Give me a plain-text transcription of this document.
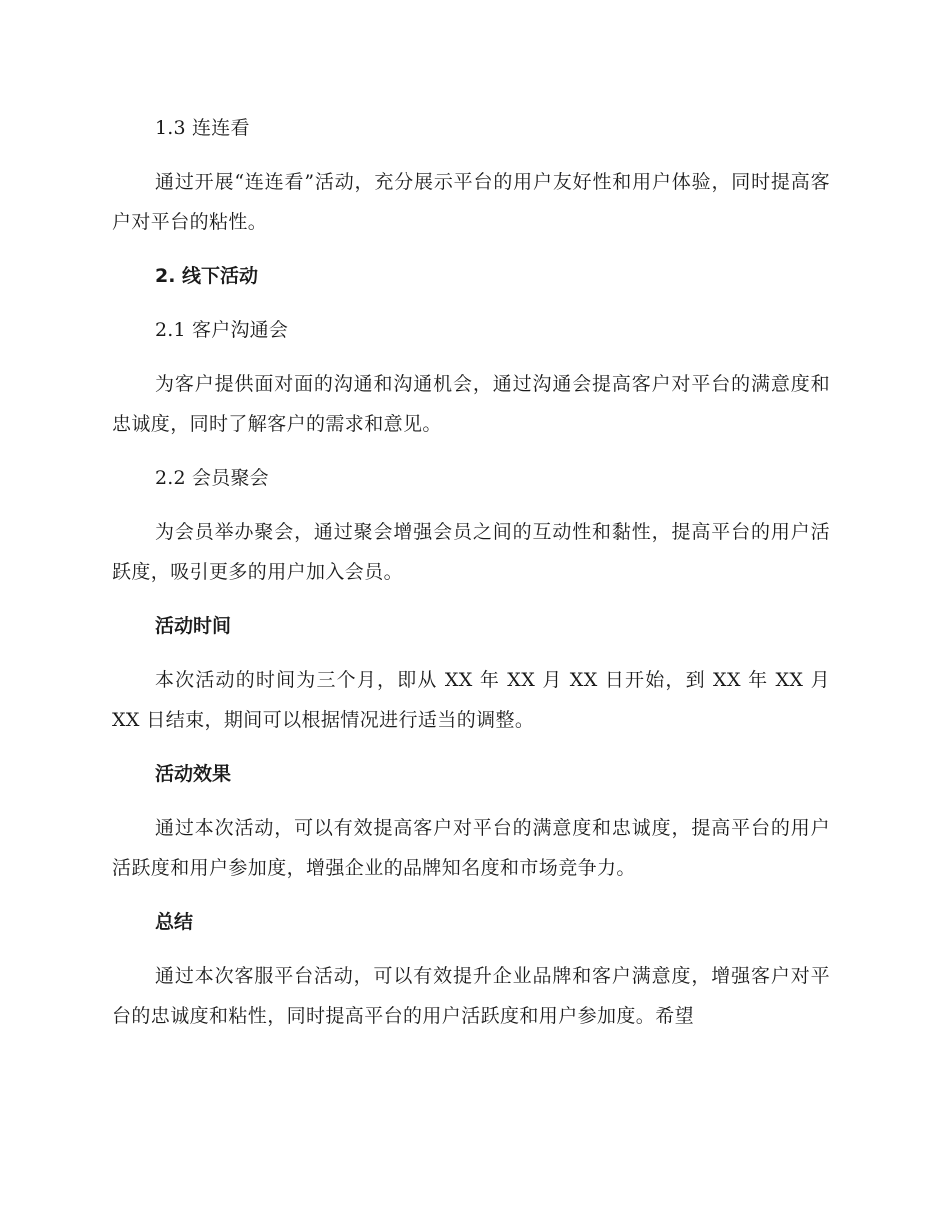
1.3 连连看

通过开展“连连看”活动，充分展示平台的用户友好性和用户体验，同时提高客户对平台的粘性。

2. 线下活动

2.1 客户沟通会

为客户提供面对面的沟通和沟通机会，通过沟通会提高客户对平台的满意度和忠诚度，同时了解客户的需求和意见。

2.2 会员聚会

为会员举办聚会，通过聚会增强会员之间的互动性和黏性，提高平台的用户活跃度，吸引更多的用户加入会员。

活动时间

本次活动的时间为三个月，即从 XX 年 XX 月 XX 日开始，到 XX 年 XX 月 XX 日结束，期间可以根据情况进行适当的调整。

活动效果

通过本次活动，可以有效提高客户对平台的满意度和忠诚度，提高平台的用户活跃度和用户参加度，增强企业的品牌知名度和市场竞争力。

总结

通过本次客服平台活动，可以有效提升企业品牌和客户满意度，增强客户对平台的忠诚度和粘性，同时提高平台的用户活跃度和用户参加度。希望
